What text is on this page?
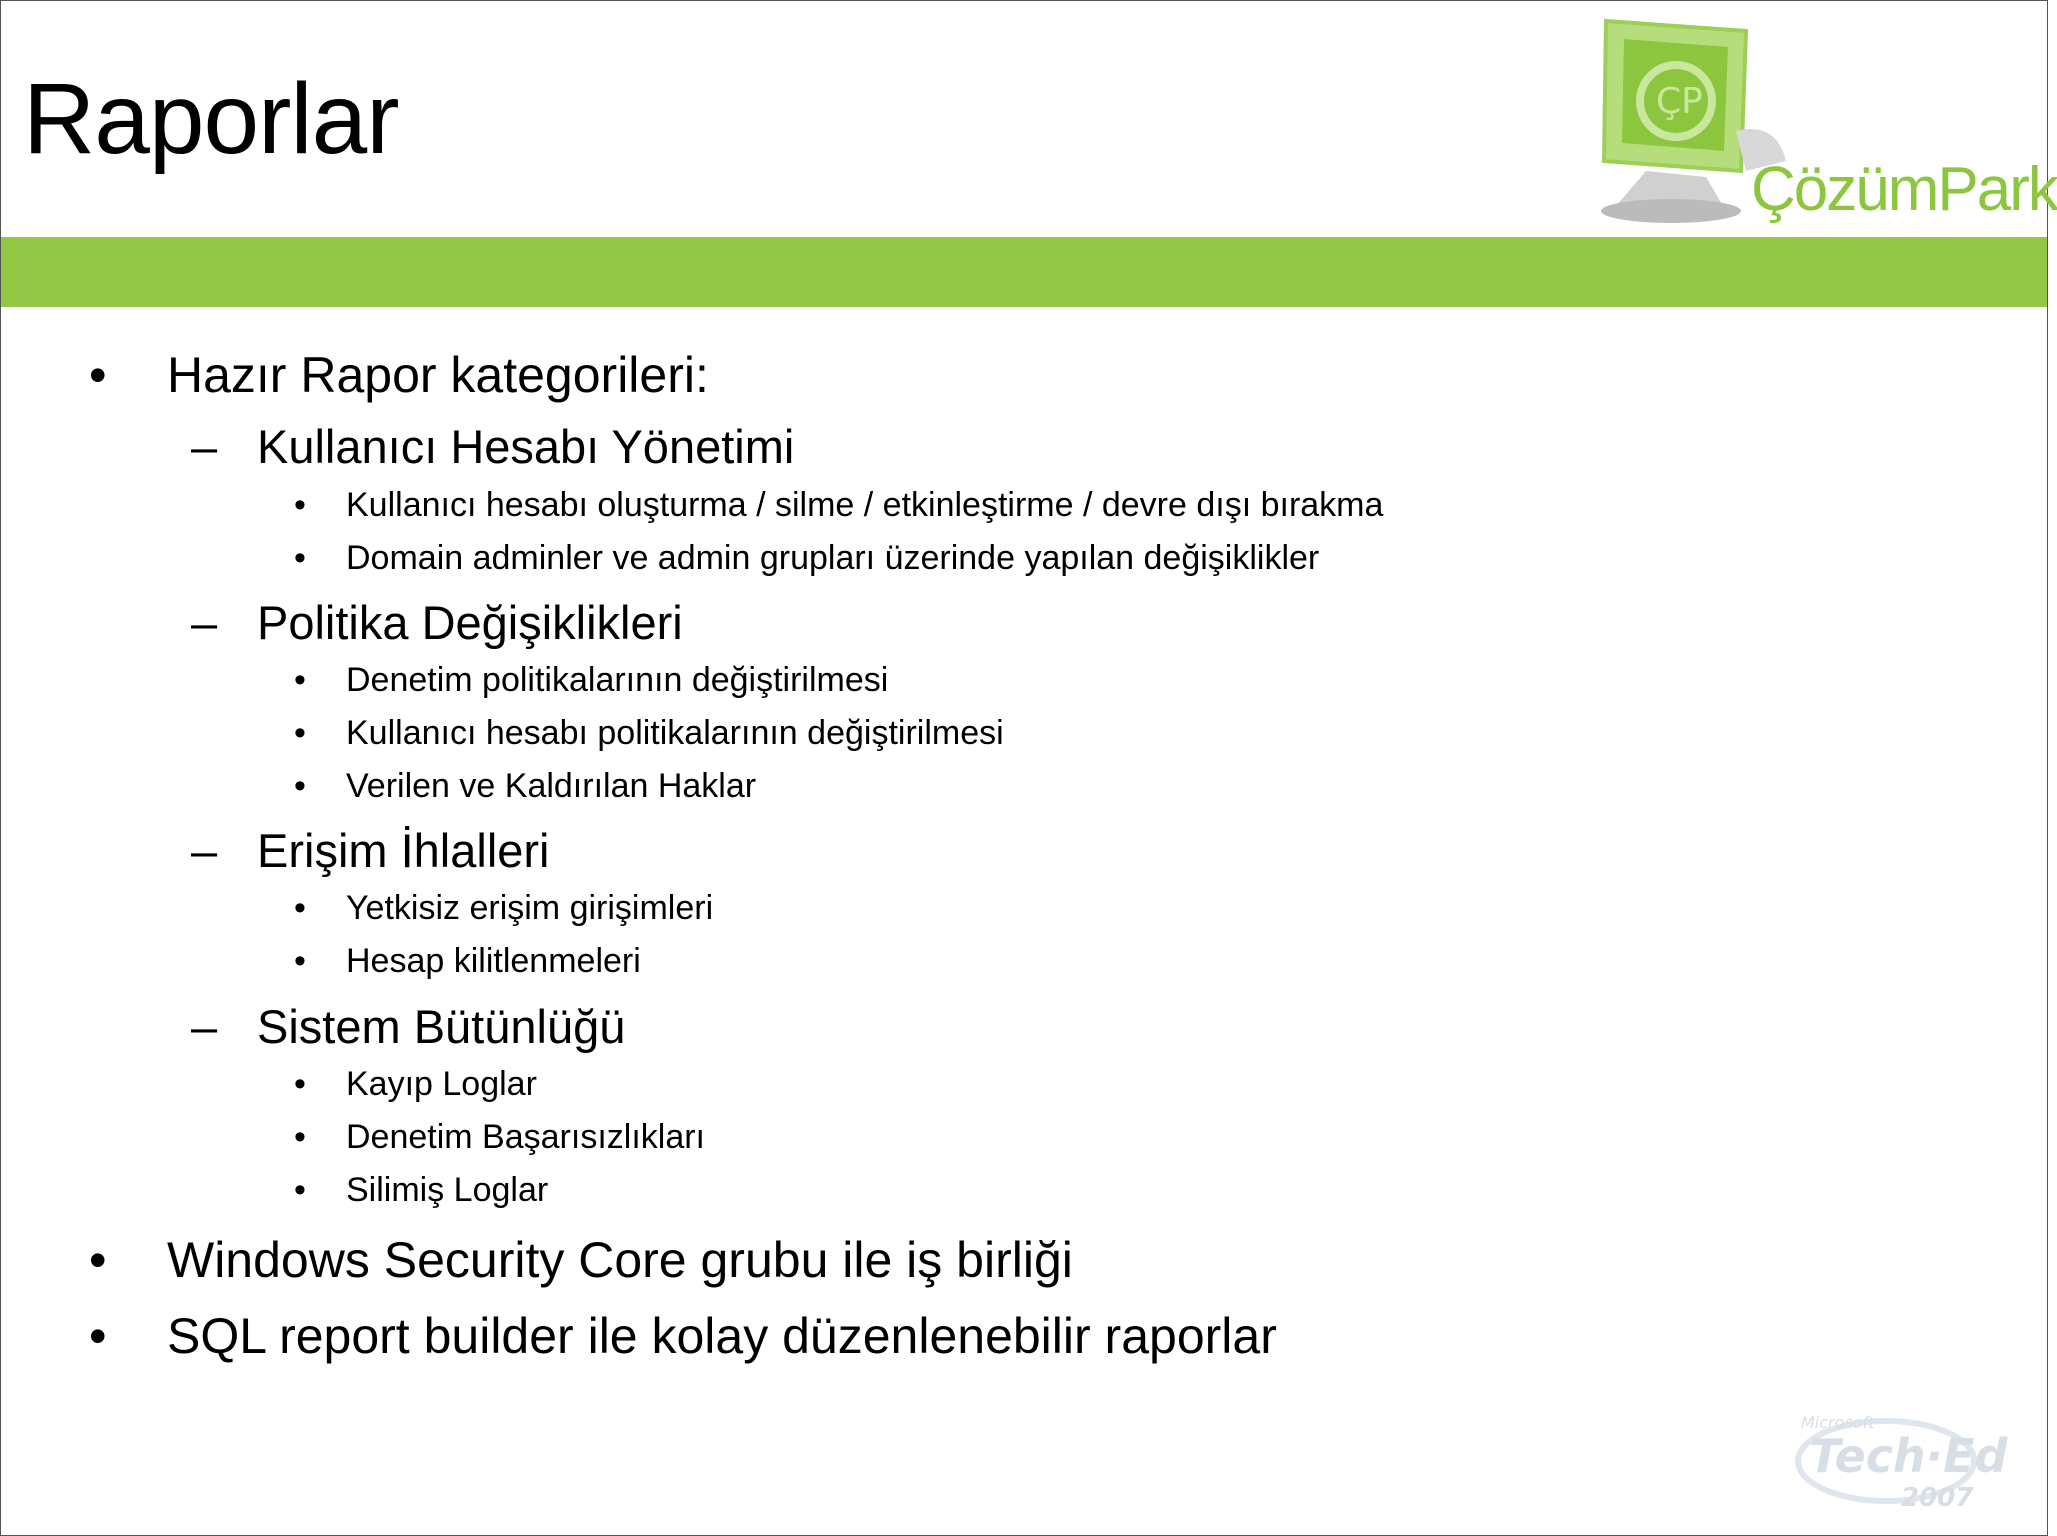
Raporlar	ÇP
ÇözümPark
• Hazır Rapor kategorileri:
– Kullanıcı Hesabı Yönetimi
• Kullanıcı hesabı oluşturma / silme / etkinleştirme / devre dışı bırakma
• Domain adminler ve admin grupları üzerinde yapılan değişiklikler
– Politika Değişiklikleri
• Denetim politikalarının değiştirilmesi
• Kullanıcı hesabı politikalarının değiştirilmesi
• Verilen ve Kaldırılan Haklar
– Erişim İhlalleri
• Yetkisiz erişim girişimleri
• Hesap kilitlenmeleri
– Sistem Bütünlüğü
• Kayıp Loglar
• Denetim Başarısızlıkları
• Silimiş Loglar
• Windows Security Core grubu ile iş birliği
• SQL report builder ile kolay düzenlenebilir raporlar
Microsoft
Tech·Ed
2007
